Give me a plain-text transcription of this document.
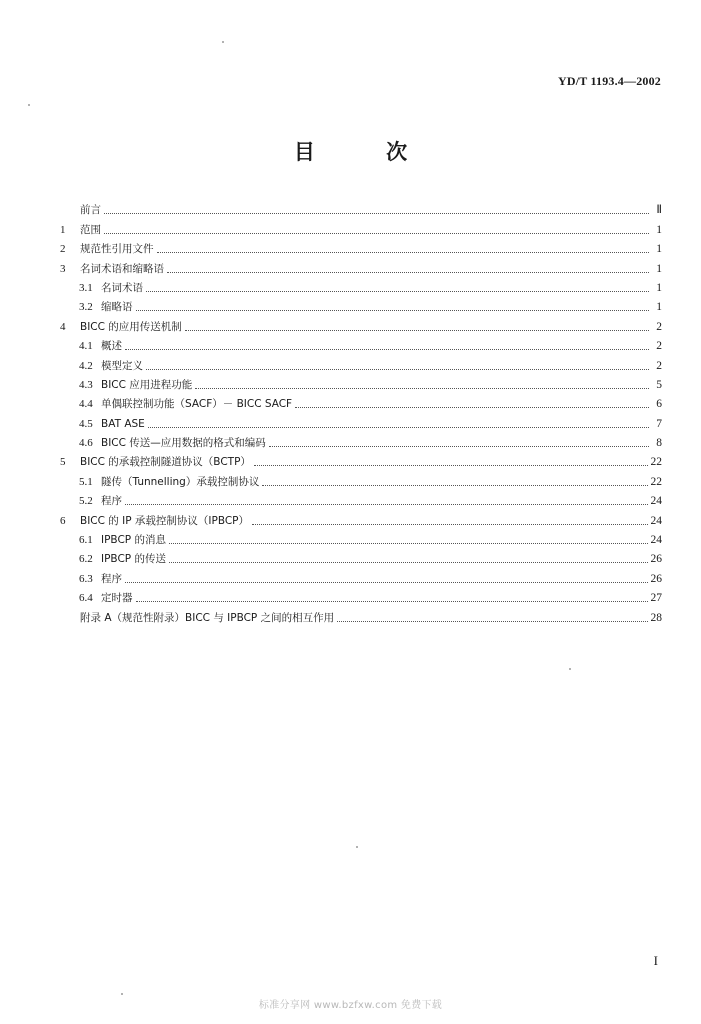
YD/T 1193.4—2002
目 次
前言	Ⅱ
1	范围	1
2	规范性引用文件	1
3	名词术语和缩略语	1
3.1 名词术语	1
3.2 缩略语	1
4	BICC 的应用传送机制	2
4.1 概述	2
4.2 模型定义	2
4.3 BICC 应用进程功能	5
4.4 单偶联控制功能（SACF）－ BICC SACF	6
4.5 BAT ASE	7
4.6 BICC 传送—应用数据的格式和编码	8
5	BICC 的承载控制隧道协议（BCTP）	22
5.1 隧传（Tunnelling）承载控制协议	22
5.2 程序	24
6	BICC 的 IP 承载控制协议（IPBCP）	24
6.1 IPBCP 的消息	24
6.2 IPBCP 的传送	26
6.3 程序	26
6.4 定时器	27
附录 A（规范性附录）BICC 与 IPBCP 之间的相互作用	28
I
标准分享网 www.bzfxw.com 免费下载
